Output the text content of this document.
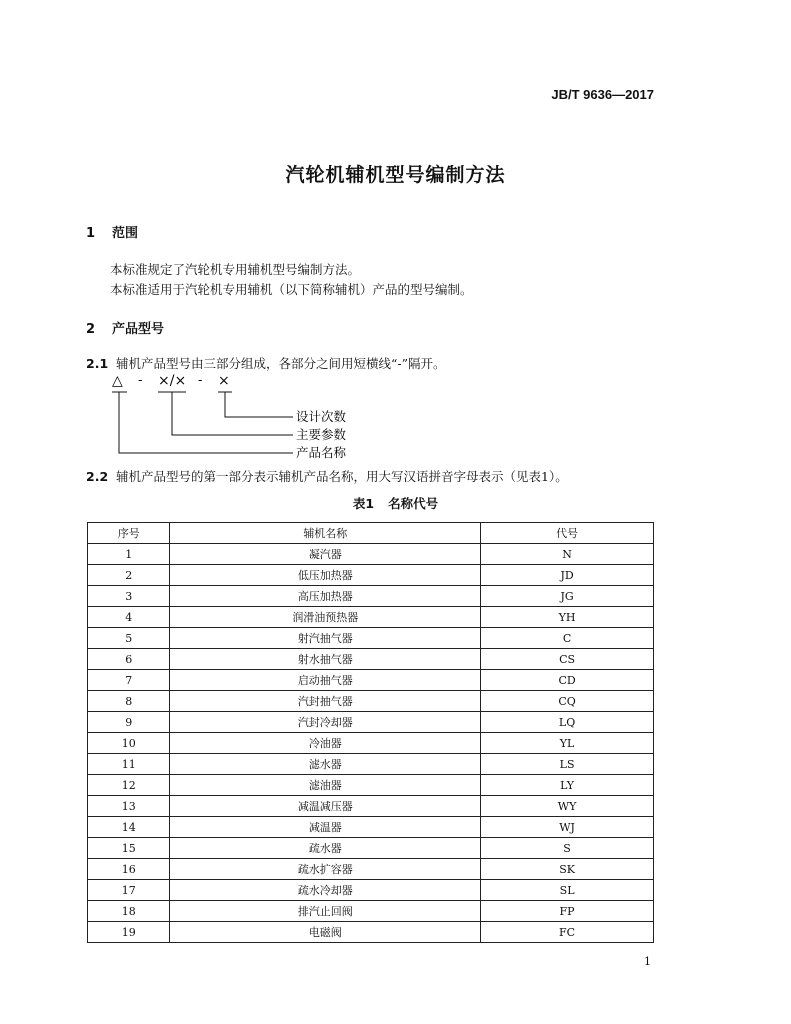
JB/T 9636—2017
汽轮机辅机型号编制方法
1 范围
本标准规定了汽轮机专用辅机型号编制方法。
本标准适用于汽轮机专用辅机（以下简称辅机）产品的型号编制。
2 产品型号
2.1 辅机产品型号由三部分组成，各部分之间用短横线“-”隔开。
△ - ×/× - ×
设计次数
主要参数
产品名称
2.2 辅机产品型号的第一部分表示辅机产品名称，用大写汉语拼音字母表示（见表1）。
表1 名称代号
序号	辅机名称	代号
1	凝汽器	N
2	低压加热器	JD
3	高压加热器	JG
4	润滑油预热器	YH
5	射汽抽气器	C
6	射水抽气器	CS
7	启动抽气器	CD
8	汽封抽气器	CQ
9	汽封冷却器	LQ
10	冷油器	YL
11	滤水器	LS
12	滤油器	LY
13	减温减压器	WY
14	减温器	WJ
15	疏水器	S
16	疏水扩容器	SK
17	疏水冷却器	SL
18	排汽止回阀	FP
19	电磁阀	FC
1
